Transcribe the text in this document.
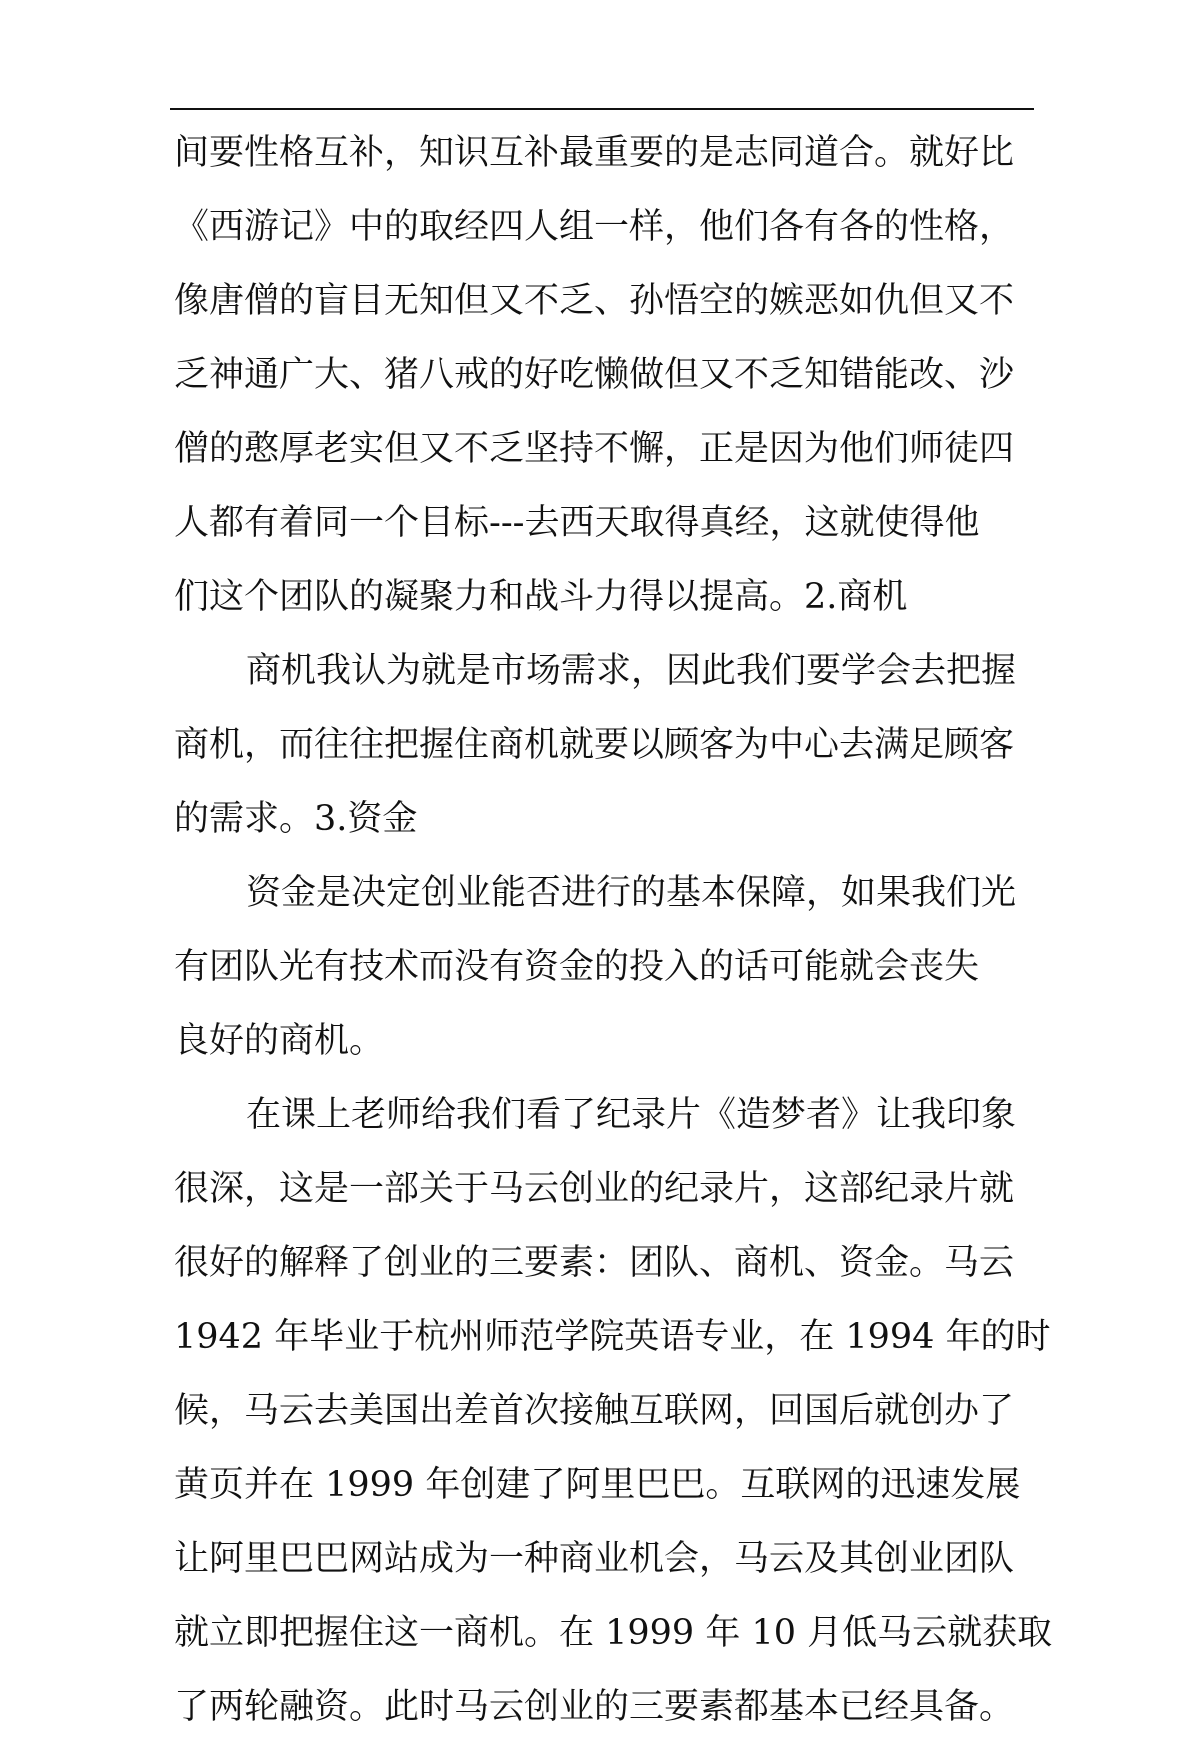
间要性格互补，知识互补最重要的是志同道合。就好比
《西游记》中的取经四人组一样，他们各有各的性格，
像唐僧的盲目无知但又不乏、孙悟空的嫉恶如仇但又不
乏神通广大、猪八戒的好吃懒做但又不乏知错能改、沙
僧的憨厚老实但又不乏坚持不懈，正是因为他们师徒四
人都有着同一个目标---去西天取得真经，这就使得他
们这个团队的凝聚力和战斗力得以提高。2.商机
商机我认为就是市场需求，因此我们要学会去把握
商机，而往往把握住商机就要以顾客为中心去满足顾客
的需求。3.资金
资金是决定创业能否进行的基本保障，如果我们光
有团队光有技术而没有资金的投入的话可能就会丧失
良好的商机。
在课上老师给我们看了纪录片《造梦者》让我印象
很深，这是一部关于马云创业的纪录片，这部纪录片就
很好的解释了创业的三要素：团队、商机、资金。马云
1942 年毕业于杭州师范学院英语专业，在 1994 年的时
候，马云去美国出差首次接触互联网，回国后就创办了
黄页并在 1999 年创建了阿里巴巴。互联网的迅速发展
让阿里巴巴网站成为一种商业机会，马云及其创业团队
就立即把握住这一商机。在 1999 年 10 月低马云就获取
了两轮融资。此时马云创业的三要素都基本已经具备。
